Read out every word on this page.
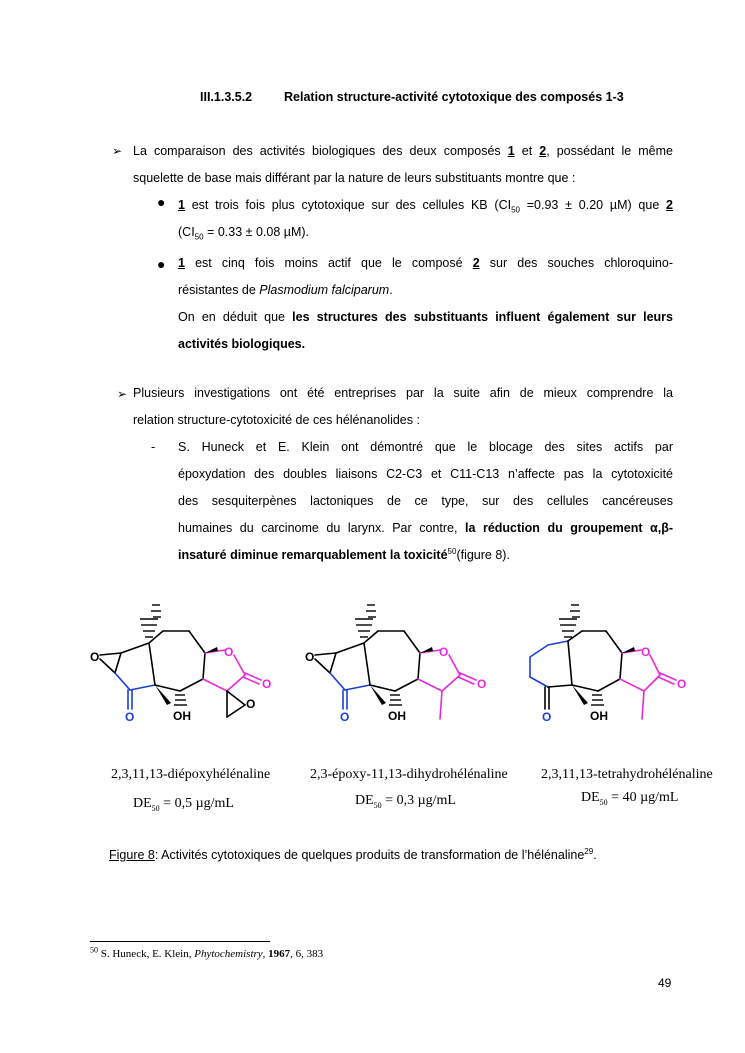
III.1.3.5.2	Relation structure-activité cytotoxique des composés 1-3
➢ La comparaison des activités biologiques des deux composés 1 et 2, possédant le même
squelette de base mais différant par la nature de leurs substituants montre que :
● 1 est trois fois plus cytotoxique sur des cellules KB ($CI_{50} =0.93 \pm 0.20$ µM) que 2
($CI_{50} = 0.33 \pm 0.08$ µM).
● 1 est cinq fois moins actif que le composé 2 sur des souches chloroquino-
résistantes de Plasmodium falciparum.
On en déduit que les structures des substituants influent également sur leurs
activités biologiques.
➢ Plusieurs investigations ont été entreprises par la suite afin de mieux comprendre la
relation structure-cytotoxicité de ces hélénanolides :
- S. Huneck et E. Klein ont démontré que le blocage des sites actifs par
époxydation des doubles liaisons C2-C3 et C11-C13 n’affecte pas la cytotoxicité
des sesquiterpènes lactoniques de ce type, sur des cellules cancéreuses
humaines du carcinome du larynx. Par contre, la réduction du groupement α,β-
insaturé diminue remarquablement la toxicité$^{50}$(figure 8).
O
O
O
O
O
OH
O
O
O
O
OH	O
O
O
OH
2,3,11,13-diépoxyhélénaline
$DE_{50} = 0,5$ µg/mL
2,3-époxy-11,13-dihydrohélénaline
$DE_{50} = 0,3$ µg/mL
2,3,11,13-tetrahydrohélénaline
$DE_{50} = 40$ µg/mL
Figure 8: Activités cytotoxiques de quelques produits de transformation de l’hélénaline$^{29}$.
$^{50}$ S. Huneck, E. Klein, Phytochemistry, 1967, 6, 383
49
